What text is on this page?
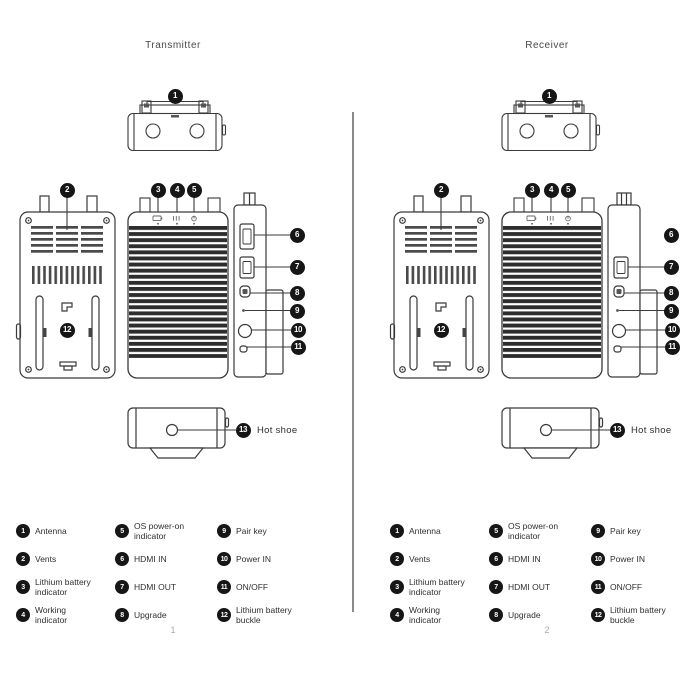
Transmitter
1
2	3	4	5
6
7
8
9
10
11
12
13	Hot shoe
1	Antenna	5	OS power-on indicator	9	Pair key
2	Vents	6	HDMI IN	10	Power IN
3	Lithium battery indicator	7	HDMI OUT	11	ON/OFF
4	Working indicator	8	Upgrade	12	Lithium battery buckle
1
Receiver
1
2	3	4	5
6
7
8
9
10
11
12
13	Hot shoe
1	Antenna	5	OS power-on indicator	9	Pair key
2	Vents	6	HDMI IN	10	Power IN
3	Lithium battery indicator	7	HDMI OUT	11	ON/OFF
4	Working indicator	8	Upgrade	12	Lithium battery buckle
2
